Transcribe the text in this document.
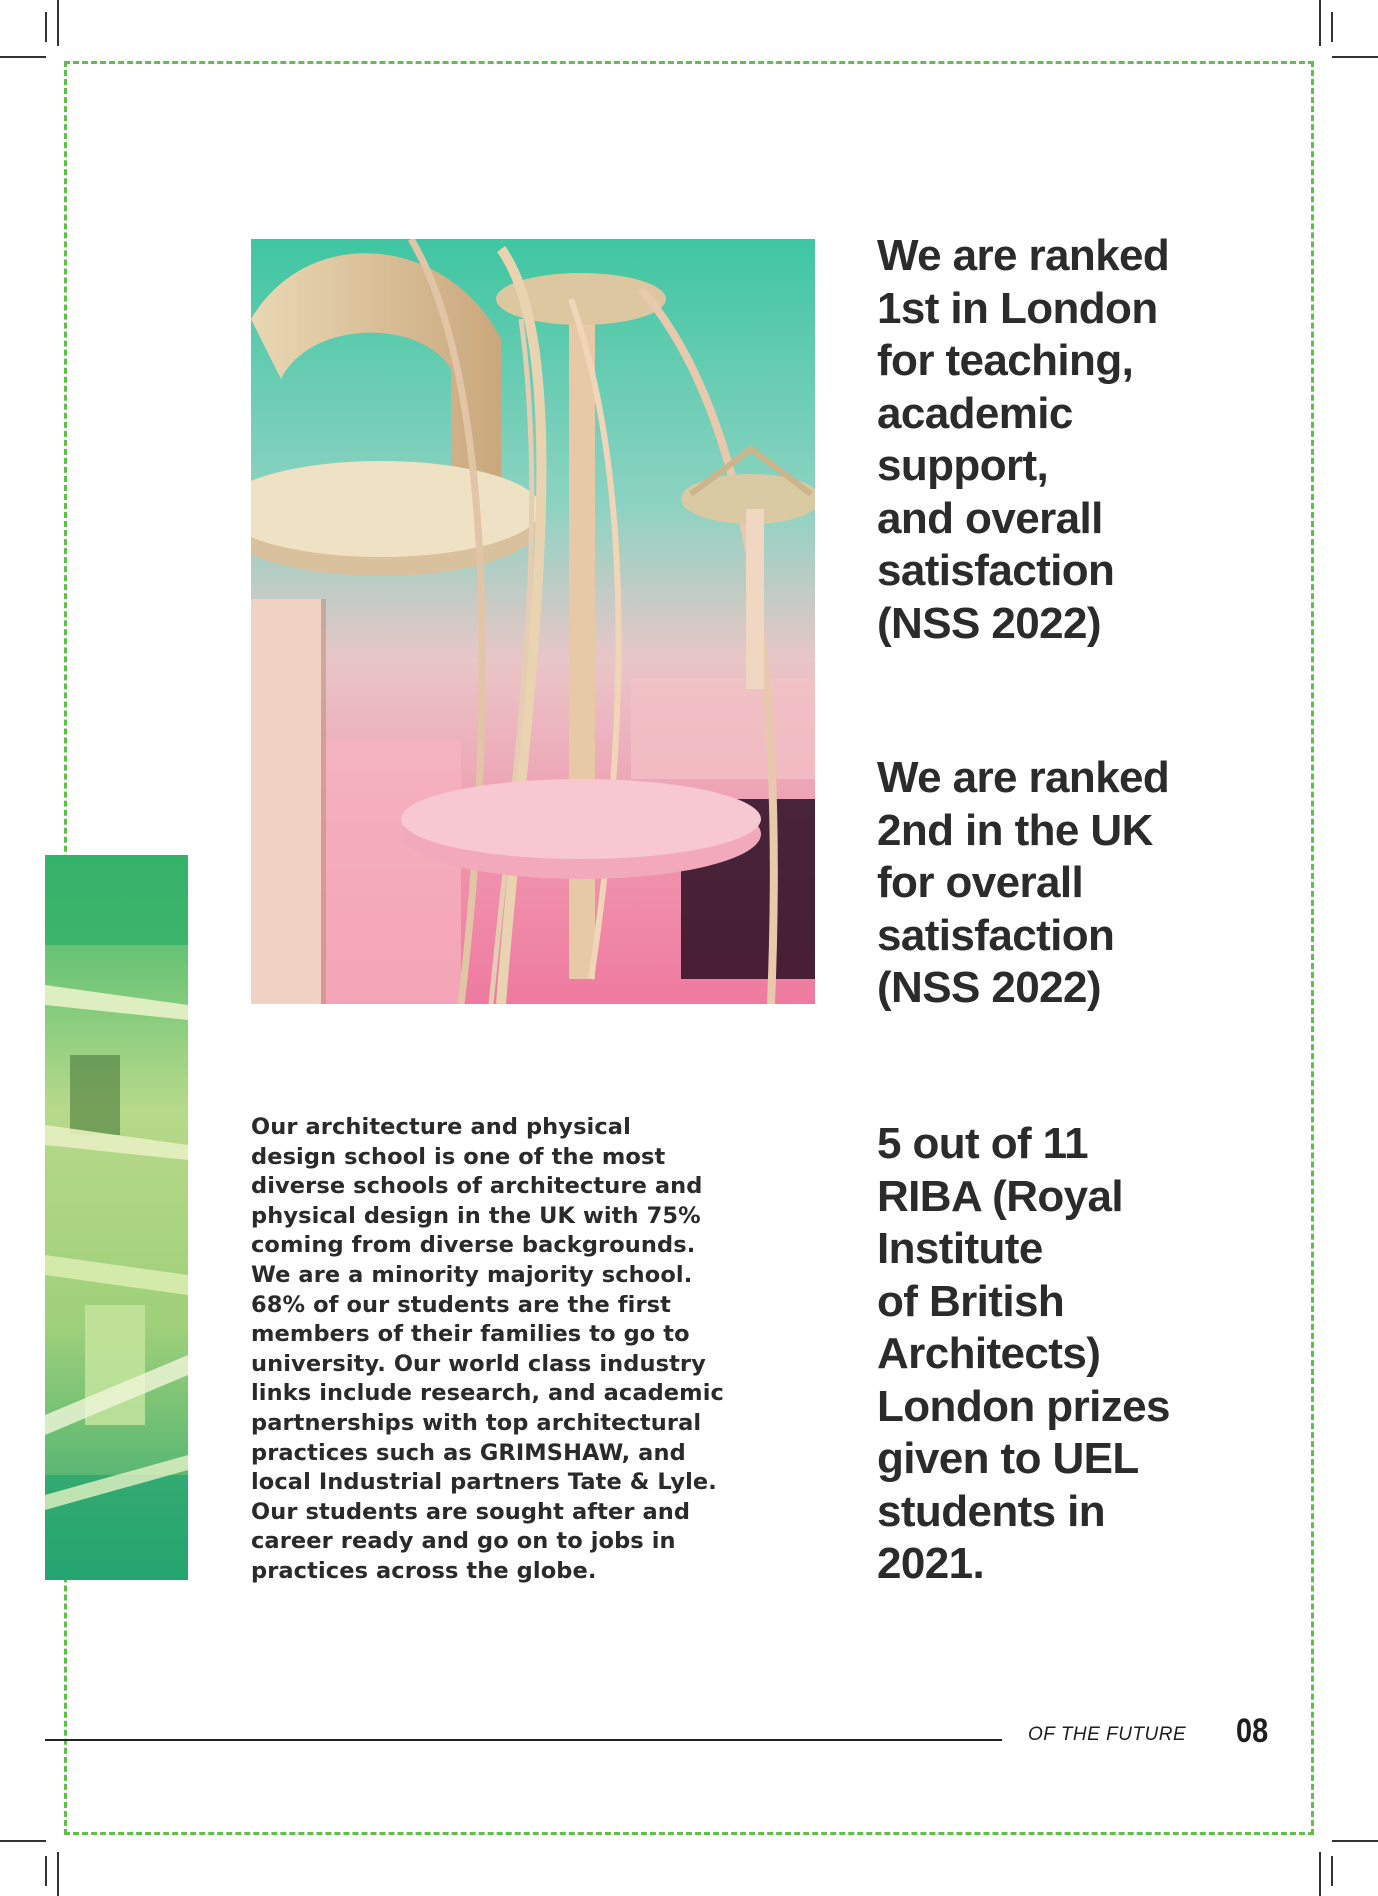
We are ranked
1st in London
for teaching,
academic
support,
and overall
satisfaction
(NSS 2022)

We are ranked
2nd in the UK
for overall
satisfaction
(NSS 2022)

5 out of 11
RIBA (Royal
Institute
of British
Architects)
London prizes
given to UEL
students in
2021.

Our architecture and physical
design school is one of the most
diverse schools of architecture and
physical design in the UK with 75%
coming from diverse backgrounds.
We are a minority majority school.
68% of our students are the first
members of their families to go to
university. Our world class industry
links include research, and academic
partnerships with top architectural
practices such as GRIMSHAW, and
local Industrial partners Tate & Lyle.
Our students are sought after and
career ready and go on to jobs in
practices across the globe.

OF THE FUTURE 08
